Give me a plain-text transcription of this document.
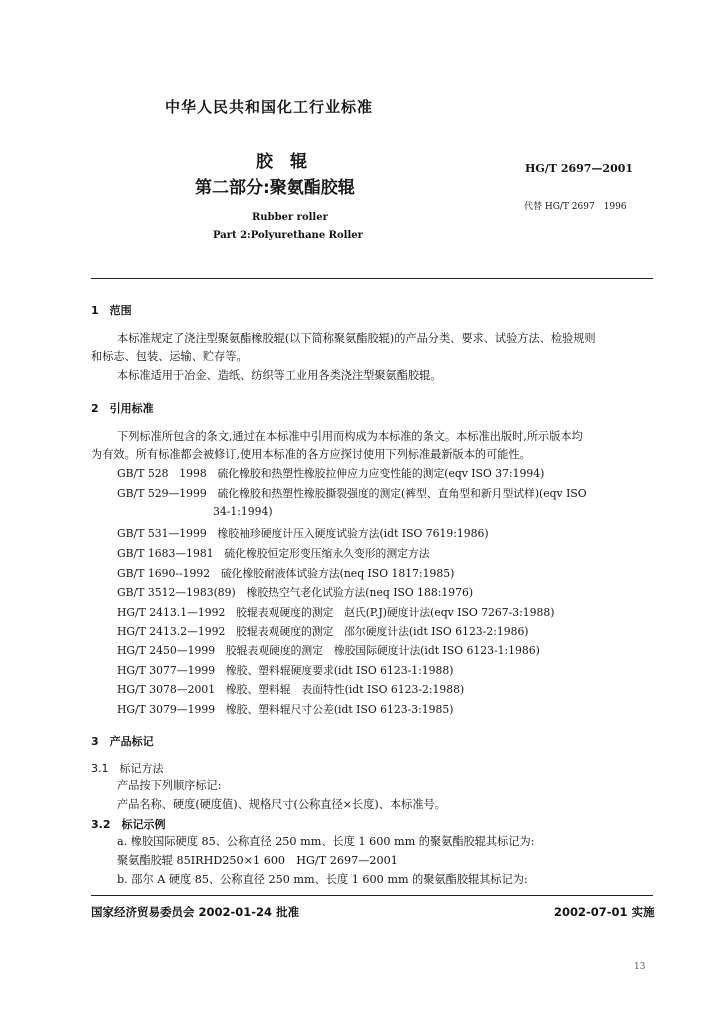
中华人民共和国化工行业标准
胶　辊
第二部分:聚氨酯胶辊
Rubber roller
Part 2:Polyurethane Roller
HG/T 2697—2001
代替 HG/T 2697　1996
1　范围
本标准规定了浇注型聚氨酯橡胶辊(以下简称聚氨酯胶辊)的产品分类、要求、试验方法、检验规则
和标志、包装、运输、贮存等。
本标准适用于冶金、造纸、纺织等工业用各类浇注型聚氨酯胶辊。
2　引用标准
下列标准所包含的条文,通过在本标准中引用而构成为本标准的条文。本标准出版时,所示版本均
为有效。所有标准都会被修订,使用本标准的各方应探讨使用下列标准最新版本的可能性。
GB/T 528　1998　硫化橡胶和热塑性橡胶拉伸应力应变性能的测定(eqv ISO 37:1994)
GB/T 529—1999　硫化橡胶和热塑性橡胶撕裂强度的测定(裤型、直角型和新月型试样)(eqv ISO
34-1:1994)
GB/T 531—1999　橡胶袖珍硬度计压入硬度试验方法(idt ISO 7619:1986)
GB/T 1683—1981　硫化橡胶恒定形变压缩永久变形的测定方法
GB/T 1690--1992　硫化橡胶耐液体试验方法(neq ISO 1817:1985)
GB/T 3512—1983(89)　橡胶热空气老化试验方法(neq ISO 188:1976)
HG/T 2413.1—1992　胶辊表观硬度的测定　赵氏(P.J)硬度计法(eqv ISO 7267-3:1988)
HG/T 2413.2—1992　胶辊表观硬度的测定　邵尔硬度计法(idt ISO 6123-2:1986)
HG/T 2450—1999　胶辊表观硬度的测定　橡胶国际硬度计法(idt ISO 6123-1:1986)
HG/T 3077—1999　橡胶、塑料辊硬度要求(idt ISO 6123-1:1988)
HG/T 3078—2001　橡胶、塑料辊　表面特性(idt ISO 6123-2:1988)
HG/T 3079—1999　橡胶、塑料辊尺寸公差(idt ISO 6123-3:1985)
3　产品标记
3.1　标记方法
产品按下列顺序标记:
产品名称、硬度(硬度值)、规格尺寸(公称直径×长度)、本标准号。
3.2　标记示例
a. 橡胶国际硬度 85、公称直径 250 mm、长度 1 600 mm 的聚氨酯胶辊其标记为:
聚氨酯胶辊 85IRHD250×1 600　HG/T 2697—2001
b. 邵尔 A 硬度 85、公称直径 250 mm、长度 1 600 mm 的聚氨酯胶辊其标记为:
国家经济贸易委员会 2002-01-24 批准	2002-07-01 实施
13
